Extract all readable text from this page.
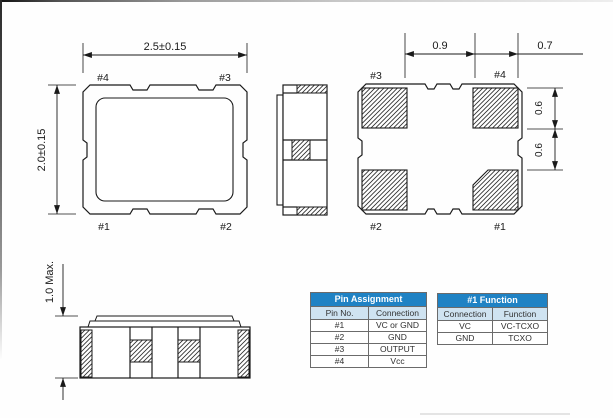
2.5±0.15
2.0±0.15
#4	#3
#1	#2
0.9	0.7
0.6
0.6
#3	#4
#2	#1
1.0 Max.	Pin Assignment	
Pin No.	Connection
#1	VC or GND
#2	GND
#3	OUTPUT
#4	Vcc
#1 Function	
Connection	Function
VC	VC-TCXO
GND	TCXO
